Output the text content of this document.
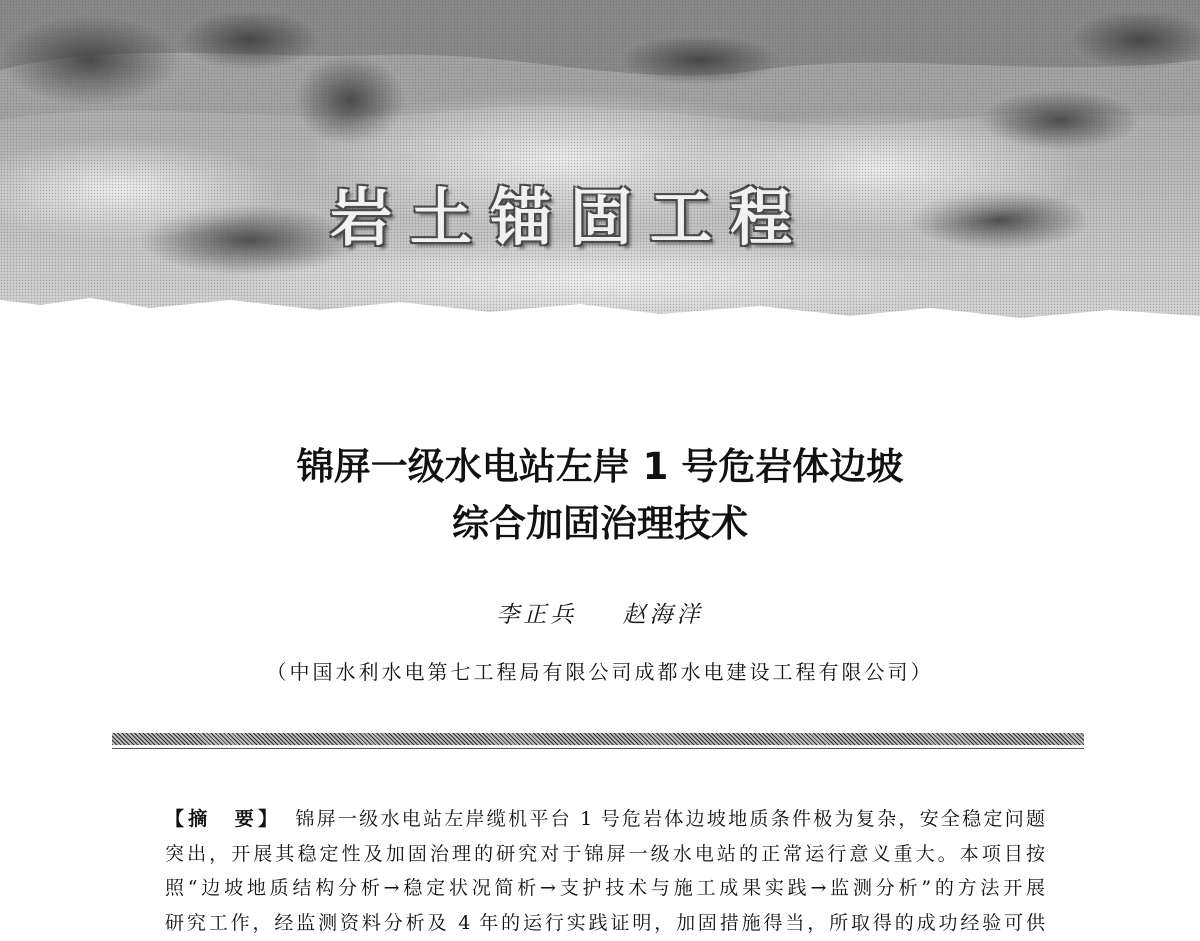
岩土锚固工程
锦屏一级水电站左岸 1 号危岩体边坡
综合加固治理技术
李正兵    赵海洋
（中国水利水电第七工程局有限公司成都水电建设工程有限公司）
【摘　要】 锦屏一级水电站左岸缆机平台 1 号危岩体边坡地质条件极为复杂，安全稳定问题
突出，开展其稳定性及加固治理的研究对于锦屏一级水电站的正常运行意义重大。本项目按
照“边坡地质结构分析→稳定状况简析→支护技术与施工成果实践→监测分析”的方法开展
研究工作，经监测资料分析及 4 年的运行实践证明，加固措施得当，所取得的成功经验可供
